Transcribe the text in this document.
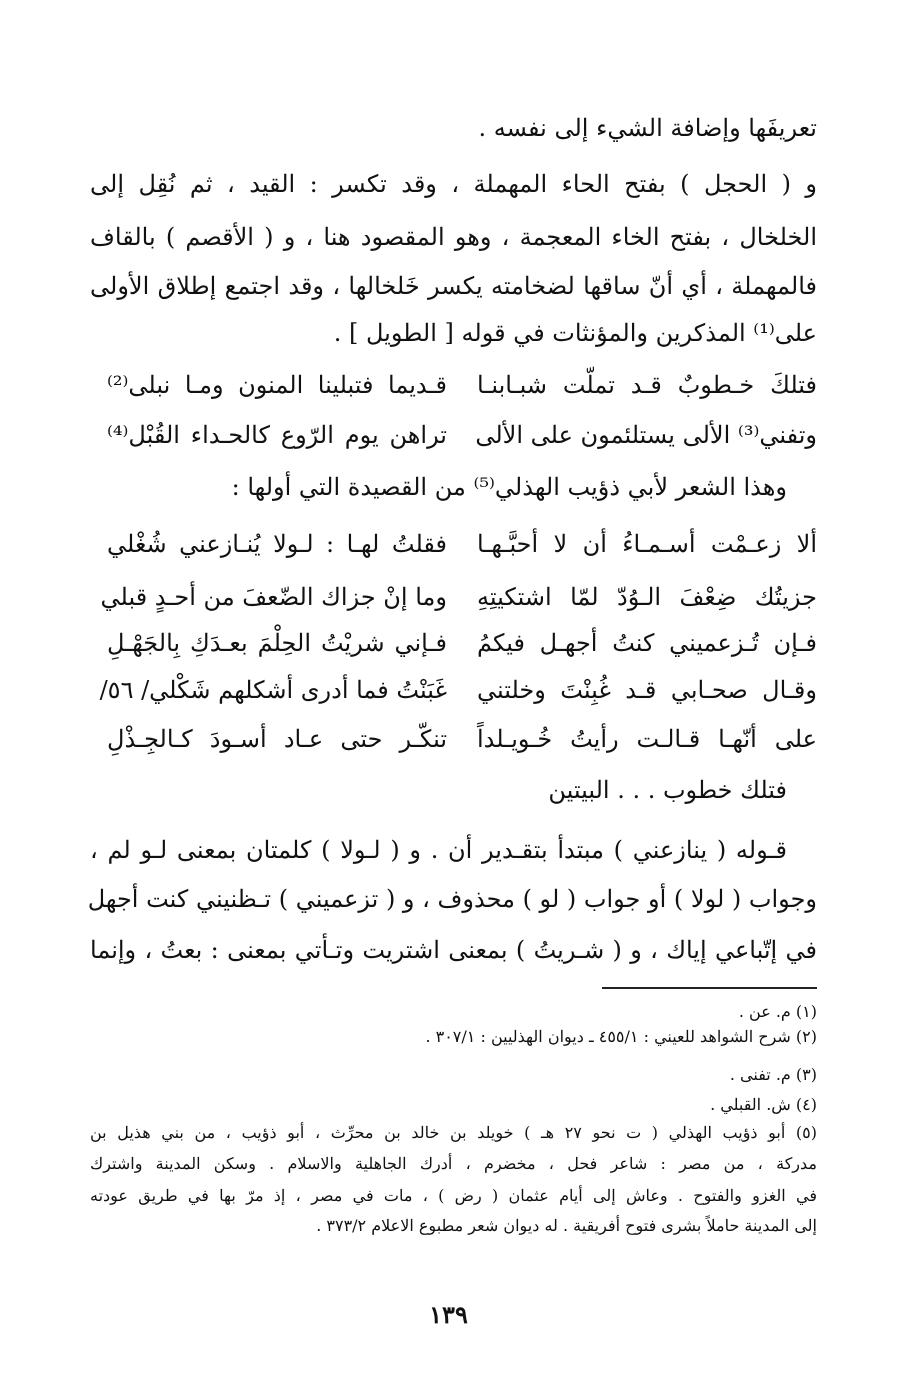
تعريفَها وإضافة الشيء إلى نفسه .
و ( الحجل ) بفتح الحاء المهملة ، وقد تكسر : القيد ، ثم نُقِل إلى
الخلخال ، بفتح الخاء المعجمة ، وهو المقصود هنا ، و ( الأقصم ) بالقاف
فالمهملة ، أي أنّ ساقها لضخامته يكسر خَلخالها ، وقد اجتمع إطلاق الأولى
على⁽¹⁾ المذكرين والمؤنثات في قوله [ الطويل ] .
فتلكَ خـطوبٌ قـد تملّت شبـابنـا
قـديما فتبلينا المنون ومـا نبلى⁽²⁾
وتفني⁽³⁾ الألى يستلئمون على الألى
تراهن يوم الرّوع كالحـداء القُبْل⁽⁴⁾
وهذا الشعر لأبي ذؤيب الهذلي⁽⁵⁾ من القصيدة التي أولها :
ألا زعـمْت أسـمـاءُ أن لا أحبَّـهـا
فقلتُ لهـا : لـولا يُنـازعني شُغْلي
جزيتُك ضِعْفَ الـوُدّ لمّا اشتكيتِهِ
وما إنْ جزاك الضّعفَ من أحـدٍ قبلي
فـإن تُـزعميني كنتُ أجهـل فيكمُ
فـإني شريْتُ الحِلْمَ بعـدَكِ بِالجَهْـلِ
وقـال صحـابي قـد غُبِنْتَ وخلتني
غَبَنْتُ فما أدرى أشكلهم شَكْلي/ ٥٦/
على أنّهـا قـالـت رأيتُ خُـويـلداً
تنكّـر حتى عـاد أسـودَ كـالجِـذْلِ
فتلك خطوب . . . البيتين
قـوله ( ينازعني ) مبتدأ بتقـدير أن . و ( لـولا ) كلمتان بمعنى لـو لم ،
وجواب ( لولا ) أو جواب ( لو ) محذوف ، و ( تزعميني ) تـظنيني كنت أجهل
في إتّباعي إياك ، و ( شـريتُ ) بمعنى اشتريت وتـأتي بمعنى : بعتُ ، وإنما
(١) م. عن .
(٢) شرح الشواهد للعيني : ٤٥٥/١ ـ ديوان الهذليين : ٣٠٧/١ .
(٣) م. تفنى .
(٤) ش. القبلي .
(٥) أبو ذؤيب الهذلي ( ت نحو ٢٧ هـ ) خويلد بن خالد بن محرِّث ، أبو ذؤيب ، من بني هذيل بن
مدركة ، من مصر : شاعر فحل ، مخضرم ، أدرك الجاهلية والاسلام . وسكن المدينة واشترك
في الغزو والفتوح . وعاش إلى أيام عثمان ( رض ) ، مات في مصر ، إذ مرّ بها في طريق عودته
إلى المدينة حاملاً بشرى فتوح أفريقية . له ديوان شعر مطبوع الاعلام ٣٧٣/٢ .
١٣٩
